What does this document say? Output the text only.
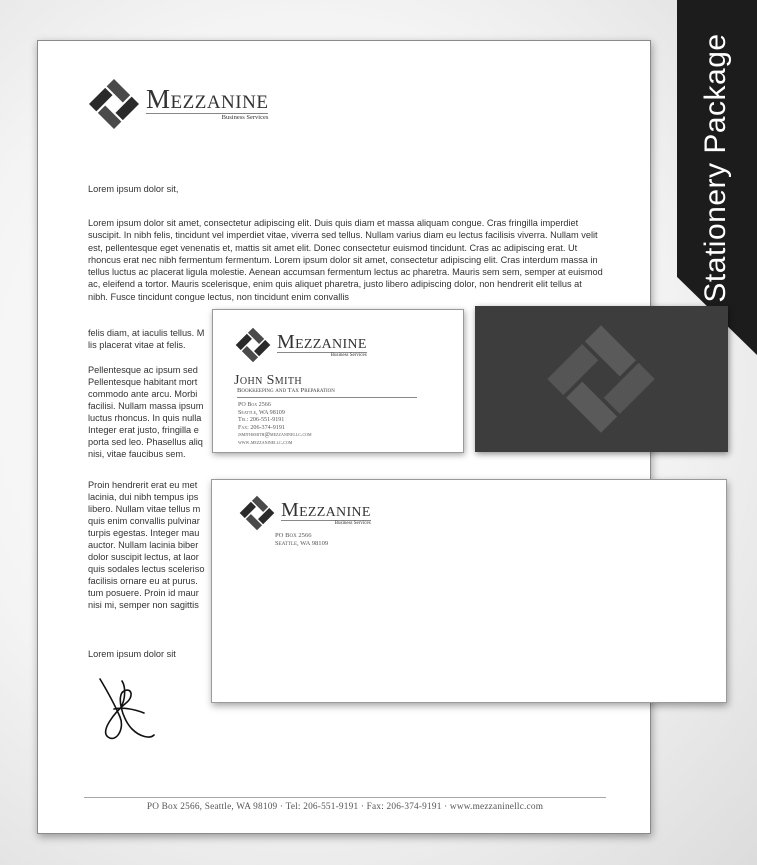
Stationery Package
Mezzanine
Business Services

Lorem ipsum dolor sit,

Lorem ipsum dolor sit amet, consectetur adipiscing elit. Duis quis diam et massa aliquam congue. Cras fringilla imperdiet suscipit. In nibh felis, tincidunt vel imperdiet vitae, viverra sed tellus. Nullam varius diam eu lectus facilisis viverra. Nullam velit est, pellentesque eget venenatis et, mattis sit amet elit. Donec consectetur euismod tincidunt. Cras ac adipiscing erat. Ut rhoncus erat nec nibh fermentum fermentum. Lorem ipsum dolor sit amet, consectetur adipiscing elit. Cras interdum massa in tellus luctus ac placerat ligula molestie. Aenean accumsan fermentum lectus ac pharetra. Mauris sem sem, semper at euismod ac, eleifend a tortor. Mauris scelerisque, enim quis aliquet pharetra, justo libero adipiscing dolor, non hendrerit elit tellus at nibh. Fusce tincidunt congue lectus, non tincidunt enim convallis

felis diam, at iaculis tellus. M

lis placerat vitae at felis.

Pellentesque ac ipsum sed

Pellentesque habitant mort

commodo ante arcu. Morbi

facilisi. Nullam massa ipsum

luctus rhoncus. In quis nulla

Integer erat justo, fringilla e

porta sed leo. Phasellus aliq

nisi, vitae faucibus sem.

Proin hendrerit erat eu met

lacinia, dui nibh tempus ips

libero. Nullam vitae tellus m

quis enim convallis pulvinar

turpis egestas. Integer mau

auctor. Nullam lacinia biber

dolor suscipit lectus, at laor

quis sodales lectus sceleriso

facilisis ornare eu at purus.

tum posuere. Proin id maur

nisi mi, semper non sagittis

Lorem ipsum dolor sit

PO Box 2566, Seattle, WA 98109 · Tel: 206-551-9191 · Fax: 206-374-9191 · www.mezzaninellc.com
Mezzanine
Business Services
John Smith
Bookkeeping and Tax Preparation
PO Box 2566
Seattle, WA 98109
Tel: 206-551-9191
Fax: 206-374-9191
jsmithsmith@mezzaninellc.com
www.mezzaninellc.com
Mezzanine
Business Services
PO Box 2566
Seattle, WA 98109
